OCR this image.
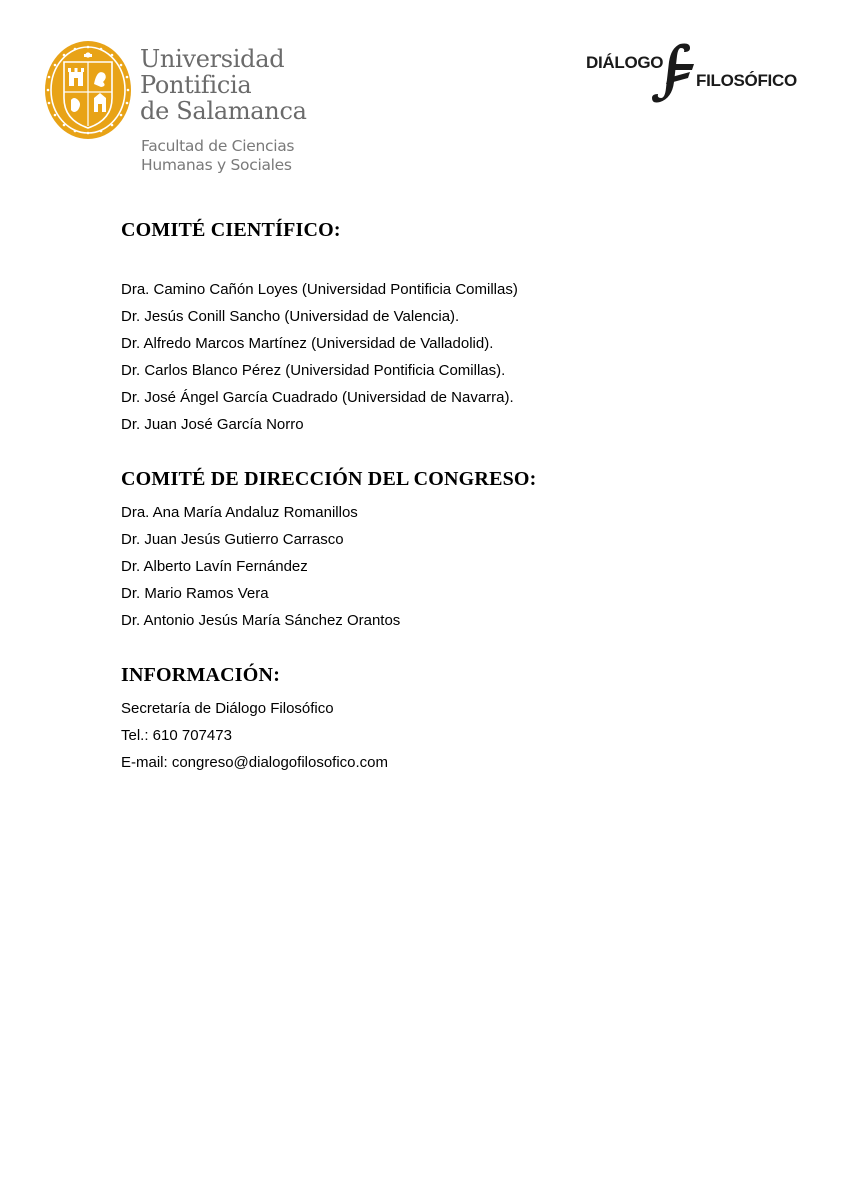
Universidad
Pontificia
de Salamanca
Facultad de Ciencias
Humanas y Sociales
DIÁLOGO
FILOSÓFICO
COMITÉ CIENTÍFICO:
Dra. Camino Cañón Loyes (Universidad Pontificia Comillas)
Dr. Jesús Conill Sancho (Universidad de Valencia).
Dr. Alfredo Marcos Martínez (Universidad de Valladolid).
Dr. Carlos Blanco Pérez (Universidad Pontificia Comillas).
Dr. José Ángel García Cuadrado (Universidad de Navarra).
Dr. Juan José García Norro
COMITÉ DE DIRECCIÓN DEL CONGRESO:
Dra. Ana María Andaluz Romanillos
Dr. Juan Jesús Gutierro Carrasco
Dr. Alberto Lavín Fernández
Dr. Mario Ramos Vera
Dr. Antonio Jesús María Sánchez Orantos
INFORMACIÓN:
Secretaría de Diálogo Filosófico
Tel.: 610 707473
E-mail: congreso@dialogofilosofico.com
